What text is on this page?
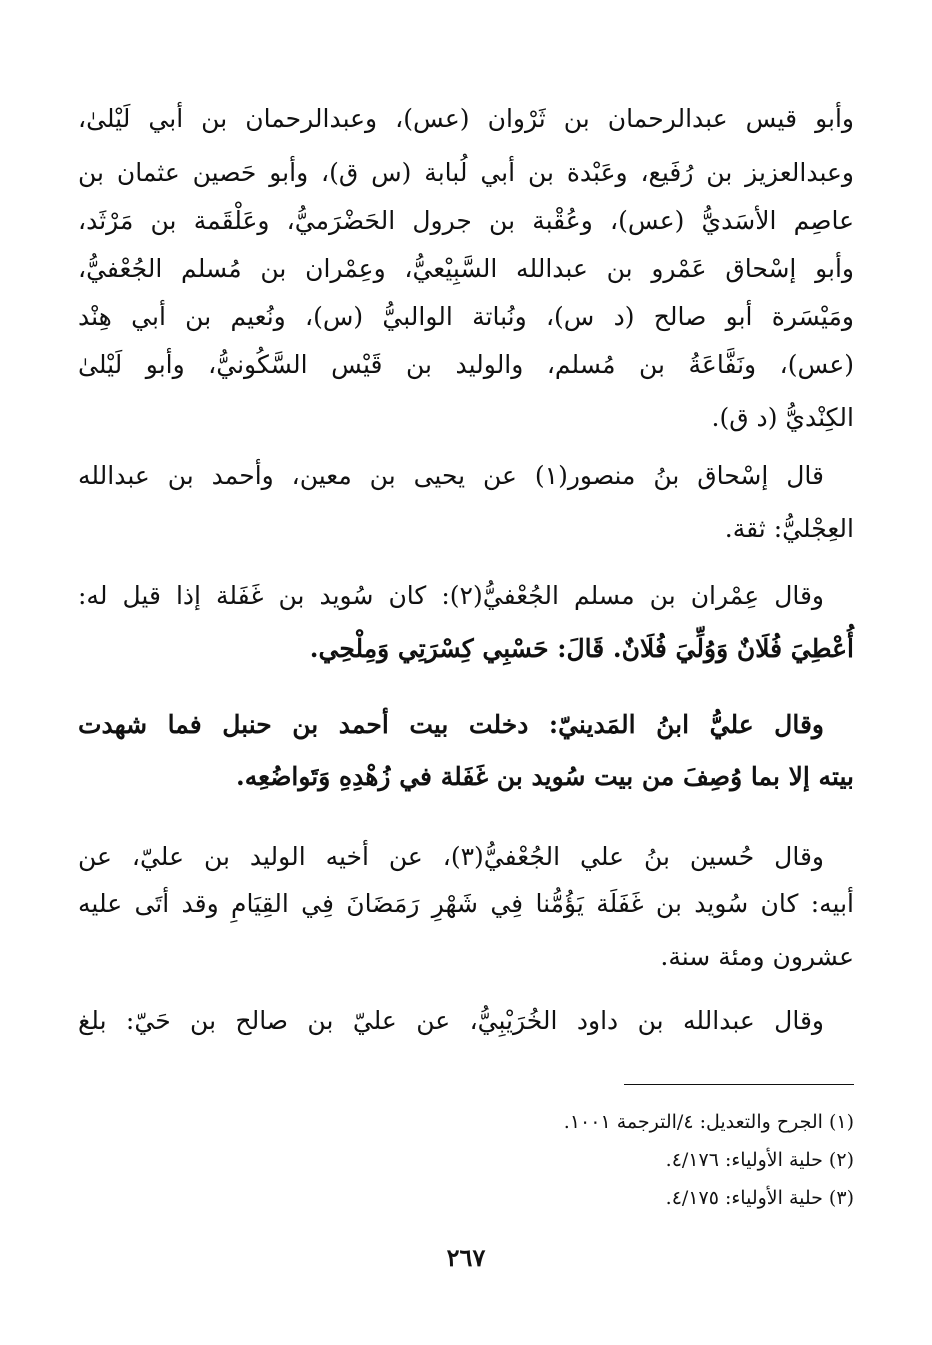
وأبو قيس عبدالرحمان بن ثَرْوان (عس)، وعبدالرحمان بن أبي لَيْلىٰ،
وعبدالعزيز بن رُفَيع، وعَبْدة بن أبي لُبابة (س ق)، وأبو حَصين عثمان بن
عاصِم الأسَديُّ (عس)، وعُقْبة بن جرول الحَضْرَميُّ، وعَلْقَمة بن مَرْثَد،
وأبو إسْحاق عَمْرو بن عبدالله السَّبِيْعيُّ، وعِمْران بن مُسلم الجُعْفيُّ،
ومَيْسَرة أبو صالح (د س)، ونُباتة الوالبيُّ (س)، ونُعيم بن أبي هِنْد
(عس)، ونَفَّاعَةُ بن مُسلم، والوليد بن قَيْس السَّكُونيُّ، وأبو لَيْلىٰ
الكِنْديُّ (د ق).
قال إسْحاق بنُ منصور(١) عن يحيى بن معين، وأحمد بن عبدالله
العِجْليُّ: ثقة.
وقال عِمْران بن مسلم الجُعْفيُّ(٢): كان سُويد بن غَفَلة إذا قيل له:
أُعْطِيَ فُلَانٌ وَوُلِّيَ فُلَانٌ. قَالَ: حَسْبِي كِسْرَتِي وَمِلْحِي.
وقال عليُّ ابنُ المَدينيّ: دخلت بيت أحمد بن حنبل فما شهدت
بيته إلا بما وُصِفَ من بيت سُويد بن غَفَلة في زُهْدِهِ وَتَواضُعِه.
وقال حُسين بنُ علي الجُعْفيُّ(٣)، عن أخيه الوليد بن عليّ، عن
أبيه: كان سُويد بن غَفَلَة يَؤُمُّنا فِي شَهْرِ رَمَضَانَ فِي القِيَامِ وقد أتَى عليه
عشرون ومئة سنة.
وقال عبدالله بن داود الخُرَيْبِيُّ، عن عليّ بن صالح بن حَيّ: بلغ
(١) الجرح والتعديل: ٤/الترجمة ١٠٠١.
(٢) حلية الأولياء: ٤/١٧٦.
(٣) حلية الأولياء: ٤/١٧٥.
٢٦٧
